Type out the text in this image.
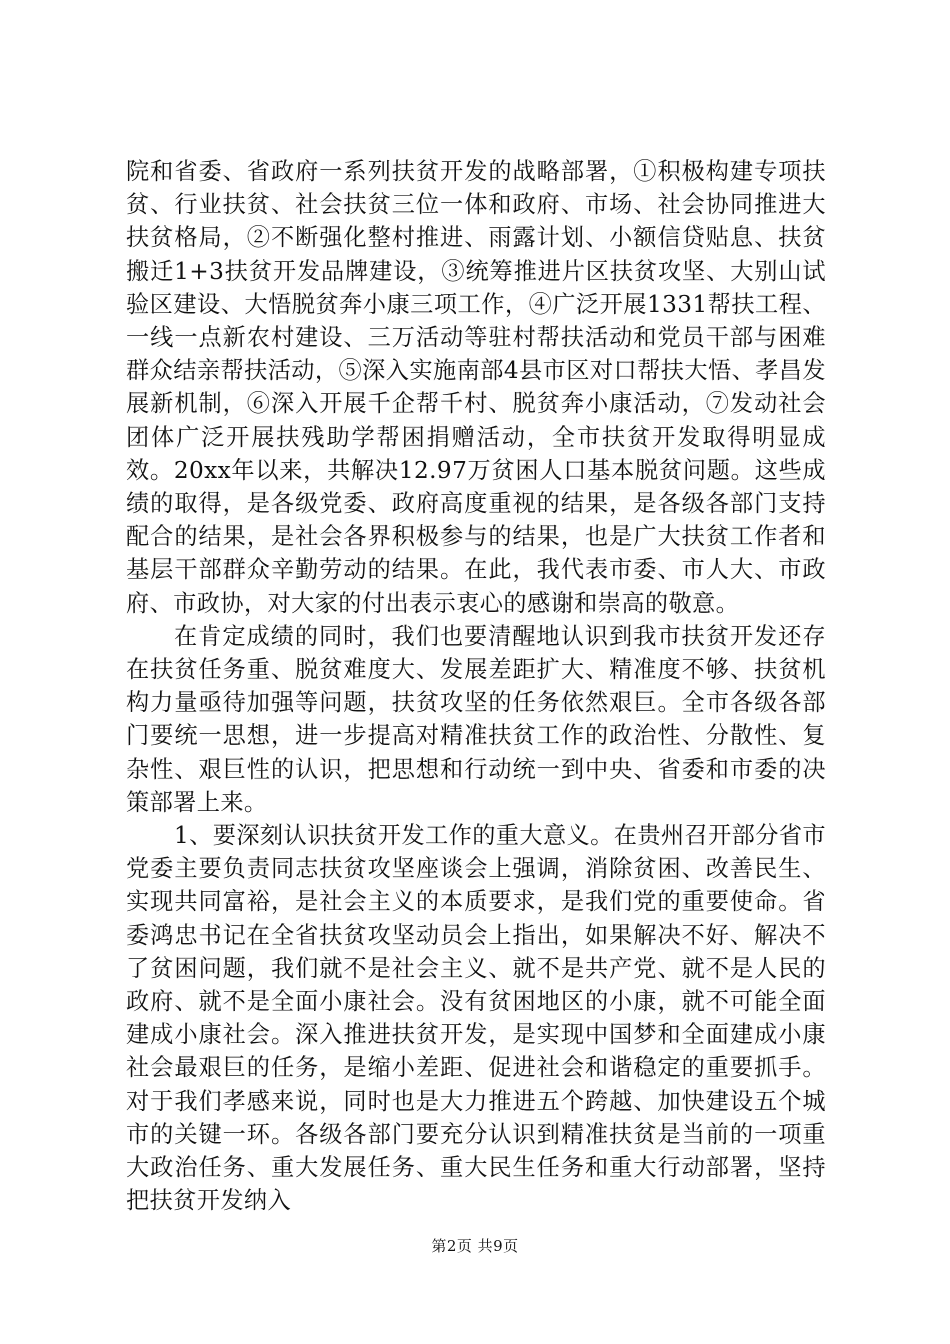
院和省委、省政府一系列扶贫开发的战略部署，①积极构建专项扶贫、行业扶贫、社会扶贫三位一体和政府、市场、社会协同推进大扶贫格局，②不断强化整村推进、雨露计划、小额信贷贴息、扶贫搬迁1+3扶贫开发品牌建设，③统筹推进片区扶贫攻坚、大别山试验区建设、大悟脱贫奔小康三项工作，④广泛开展1331帮扶工程、一线一点新农村建设、三万活动等驻村帮扶活动和党员干部与困难群众结亲帮扶活动，⑤深入实施南部4县市区对口帮扶大悟、孝昌发展新机制，⑥深入开展千企帮千村、脱贫奔小康活动，⑦发动社会团体广泛开展扶残助学帮困捐赠活动，全市扶贫开发取得明显成效。20xx年以来，共解决12.97万贫困人口基本脱贫问题。这些成绩的取得，是各级党委、政府高度重视的结果，是各级各部门支持配合的结果，是社会各界积极参与的结果，也是广大扶贫工作者和基层干部群众辛勤劳动的结果。在此，我代表市委、市人大、市政府、市政协，对大家的付出表示衷心的感谢和崇高的敬意。

在肯定成绩的同时，我们也要清醒地认识到我市扶贫开发还存在扶贫任务重、脱贫难度大、发展差距扩大、精准度不够、扶贫机构力量亟待加强等问题，扶贫攻坚的任务依然艰巨。全市各级各部门要统一思想，进一步提高对精准扶贫工作的政治性、分散性、复杂性、艰巨性的认识，把思想和行动统一到中央、省委和市委的决策部署上来。

1、要深刻认识扶贫开发工作的重大意义。在贵州召开部分省市党委主要负责同志扶贫攻坚座谈会上强调，消除贫困、改善民生、实现共同富裕，是社会主义的本质要求，是我们党的重要使命。省委鸿忠书记在全省扶贫攻坚动员会上指出，如果解决不好、解决不了贫困问题，我们就不是社会主义、就不是共产党、就不是人民的政府、就不是全面小康社会。没有贫困地区的小康，就不可能全面建成小康社会。深入推进扶贫开发，是实现中国梦和全面建成小康社会最艰巨的任务，是缩小差距、促进社会和谐稳定的重要抓手。对于我们孝感来说，同时也是大力推进五个跨越、加快建设五个城市的关键一环。各级各部门要充分认识到精准扶贫是当前的一项重大政治任务、重大发展任务、重大民生任务和重大行动部署，坚持把扶贫开发纳入

第2页 共9页
